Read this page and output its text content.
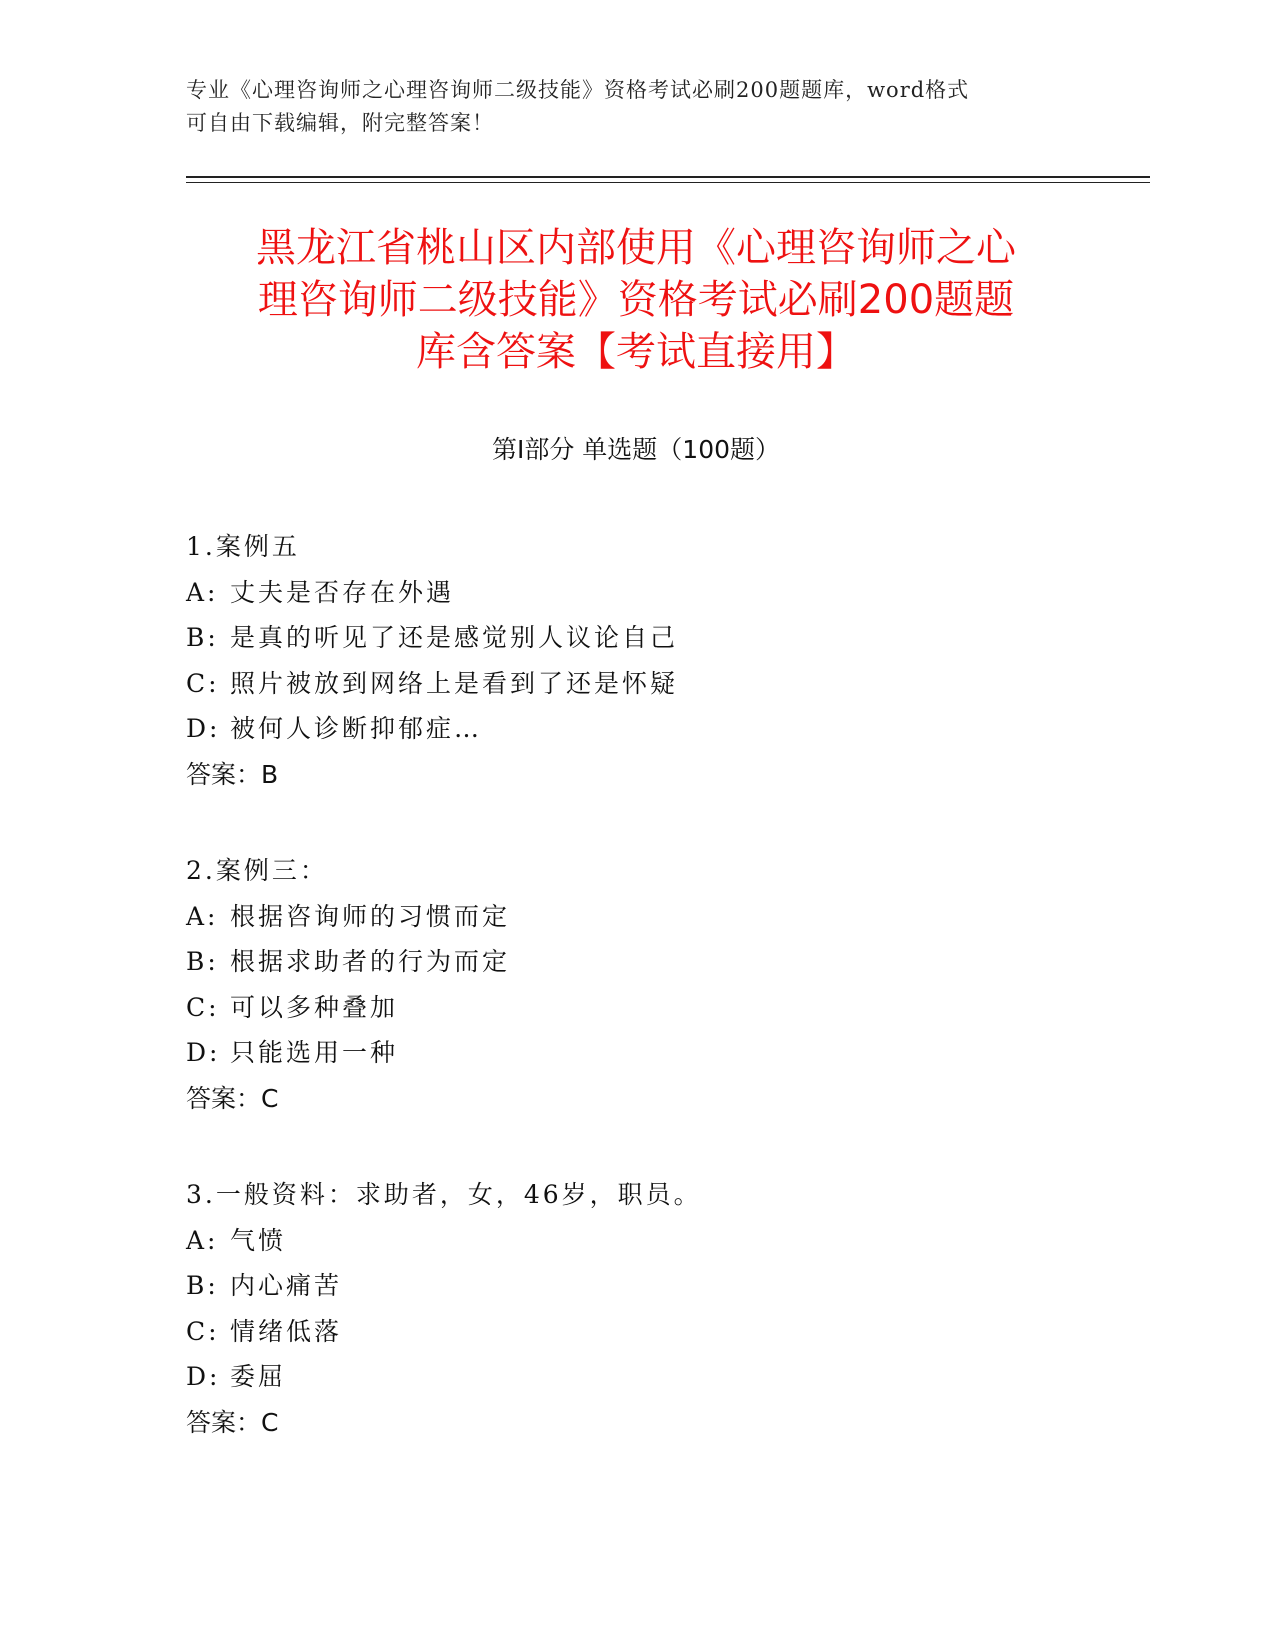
专业《心理咨询师之心理咨询师二级技能》资格考试必刷200题题库，word格式
可自由下载编辑，附完整答案！
黑龙江省桃山区内部使用《心理咨询师之心
理咨询师二级技能》资格考试必刷200题题
库含答案【考试直接用】
第Ⅰ部分 单选题（100题）
1.案例五
A: 丈夫是否存在外遇
B: 是真的听见了还是感觉别人议论自己
C: 照片被放到网络上是看到了还是怀疑
D: 被何人诊断抑郁症…
答案：B
2.案例三：
A: 根据咨询师的习惯而定
B: 根据求助者的行为而定
C: 可以多种叠加
D: 只能选用一种
答案：C
3.一般资料：求助者，女，46岁，职员。
A: 气愤
B: 内心痛苦
C: 情绪低落
D: 委屈
答案：C
